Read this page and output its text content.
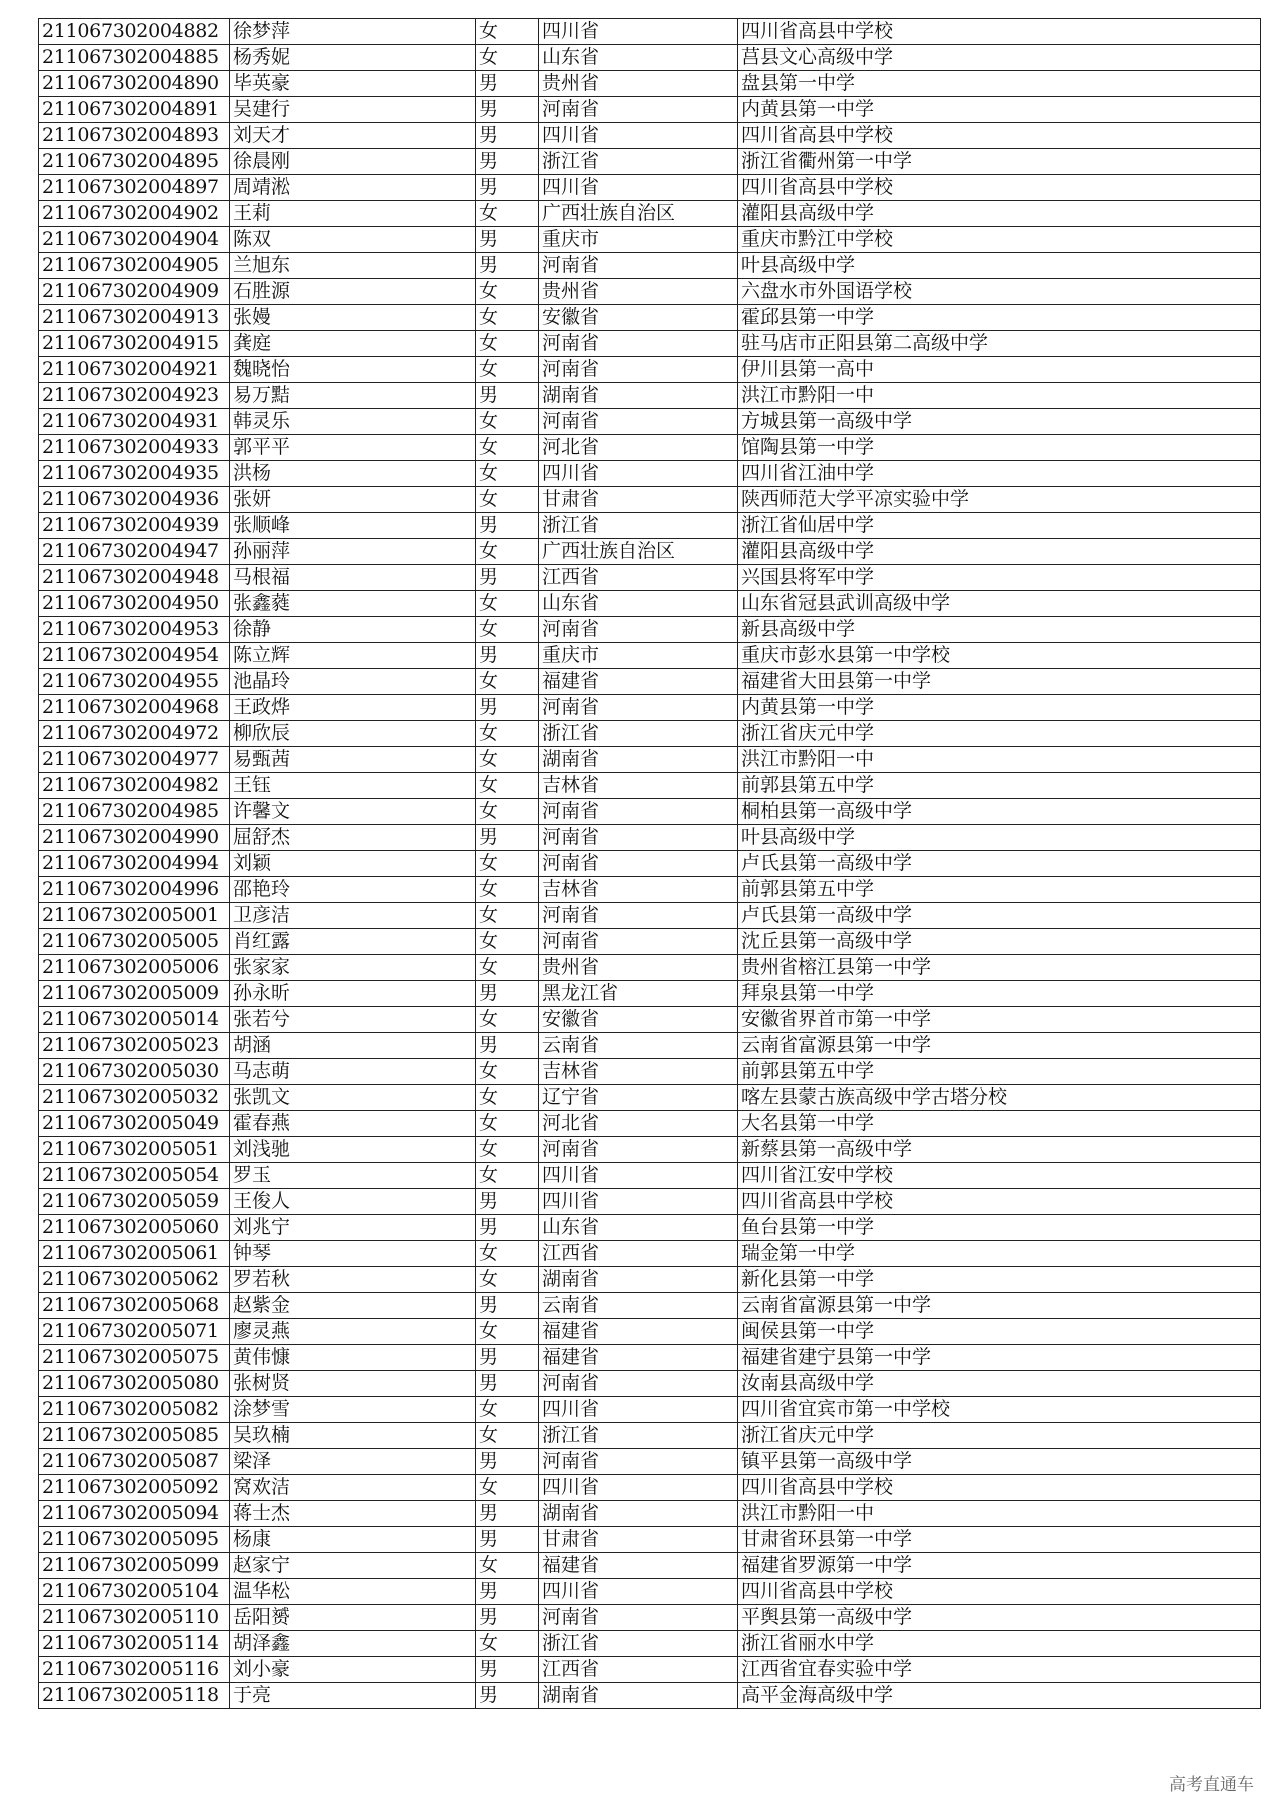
211067302004882	徐梦萍	女	四川省	四川省高县中学校
211067302004885	杨秀妮	女	山东省	莒县文心高级中学
211067302004890	毕英豪	男	贵州省	盘县第一中学
211067302004891	吴建行	男	河南省	内黄县第一中学
211067302004893	刘天才	男	四川省	四川省高县中学校
211067302004895	徐晨刚	男	浙江省	浙江省衢州第一中学
211067302004897	周靖淞	男	四川省	四川省高县中学校
211067302004902	王莉	女	广西壮族自治区	灌阳县高级中学
211067302004904	陈双	男	重庆市	重庆市黔江中学校
211067302004905	兰旭东	男	河南省	叶县高级中学
211067302004909	石胜源	女	贵州省	六盘水市外国语学校
211067302004913	张嫚	女	安徽省	霍邱县第一中学
211067302004915	龚庭	女	河南省	驻马店市正阳县第二高级中学
211067302004921	魏晓怡	女	河南省	伊川县第一高中
211067302004923	易万黠	男	湖南省	洪江市黔阳一中
211067302004931	韩灵乐	女	河南省	方城县第一高级中学
211067302004933	郭平平	女	河北省	馆陶县第一中学
211067302004935	洪杨	女	四川省	四川省江油中学
211067302004936	张妍	女	甘肃省	陕西师范大学平凉实验中学
211067302004939	张顺峰	男	浙江省	浙江省仙居中学
211067302004947	孙丽萍	女	广西壮族自治区	灌阳县高级中学
211067302004948	马根福	男	江西省	兴国县将军中学
211067302004950	张鑫蕤	女	山东省	山东省冠县武训高级中学
211067302004953	徐静	女	河南省	新县高级中学
211067302004954	陈立辉	男	重庆市	重庆市彭水县第一中学校
211067302004955	池晶玲	女	福建省	福建省大田县第一中学
211067302004968	王政烨	男	河南省	内黄县第一中学
211067302004972	柳欣辰	女	浙江省	浙江省庆元中学
211067302004977	易甄茜	女	湖南省	洪江市黔阳一中
211067302004982	王钰	女	吉林省	前郭县第五中学
211067302004985	许馨文	女	河南省	桐柏县第一高级中学
211067302004990	屈舒杰	男	河南省	叶县高级中学
211067302004994	刘颖	女	河南省	卢氏县第一高级中学
211067302004996	邵艳玲	女	吉林省	前郭县第五中学
211067302005001	卫彦洁	女	河南省	卢氏县第一高级中学
211067302005005	肖红露	女	河南省	沈丘县第一高级中学
211067302005006	张家家	女	贵州省	贵州省榕江县第一中学
211067302005009	孙永昕	男	黑龙江省	拜泉县第一中学
211067302005014	张若兮	女	安徽省	安徽省界首市第一中学
211067302005023	胡涵	男	云南省	云南省富源县第一中学
211067302005030	马志萌	女	吉林省	前郭县第五中学
211067302005032	张凯文	女	辽宁省	喀左县蒙古族高级中学古塔分校
211067302005049	霍春燕	女	河北省	大名县第一中学
211067302005051	刘浅驰	女	河南省	新蔡县第一高级中学
211067302005054	罗玉	女	四川省	四川省江安中学校
211067302005059	王俊人	男	四川省	四川省高县中学校
211067302005060	刘兆宁	男	山东省	鱼台县第一中学
211067302005061	钟琴	女	江西省	瑞金第一中学
211067302005062	罗若秋	女	湖南省	新化县第一中学
211067302005068	赵紫金	男	云南省	云南省富源县第一中学
211067302005071	廖灵燕	女	福建省	闽侯县第一中学
211067302005075	黄伟慷	男	福建省	福建省建宁县第一中学
211067302005080	张树贤	男	河南省	汝南县高级中学
211067302005082	涂梦雪	女	四川省	四川省宜宾市第一中学校
211067302005085	吴玖楠	女	浙江省	浙江省庆元中学
211067302005087	梁泽	男	河南省	镇平县第一高级中学
211067302005092	窝欢洁	女	四川省	四川省高县中学校
211067302005094	蒋士杰	男	湖南省	洪江市黔阳一中
211067302005095	杨康	男	甘肃省	甘肃省环县第一中学
211067302005099	赵家宁	女	福建省	福建省罗源第一中学
211067302005104	温华松	男	四川省	四川省高县中学校
211067302005110	岳阳赟	男	河南省	平舆县第一高级中学
211067302005114	胡泽鑫	女	浙江省	浙江省丽水中学
211067302005116	刘小豪	男	江西省	江西省宜春实验中学
211067302005118	于亮	男	湖南省	高平金海高级中学
高考直通车
